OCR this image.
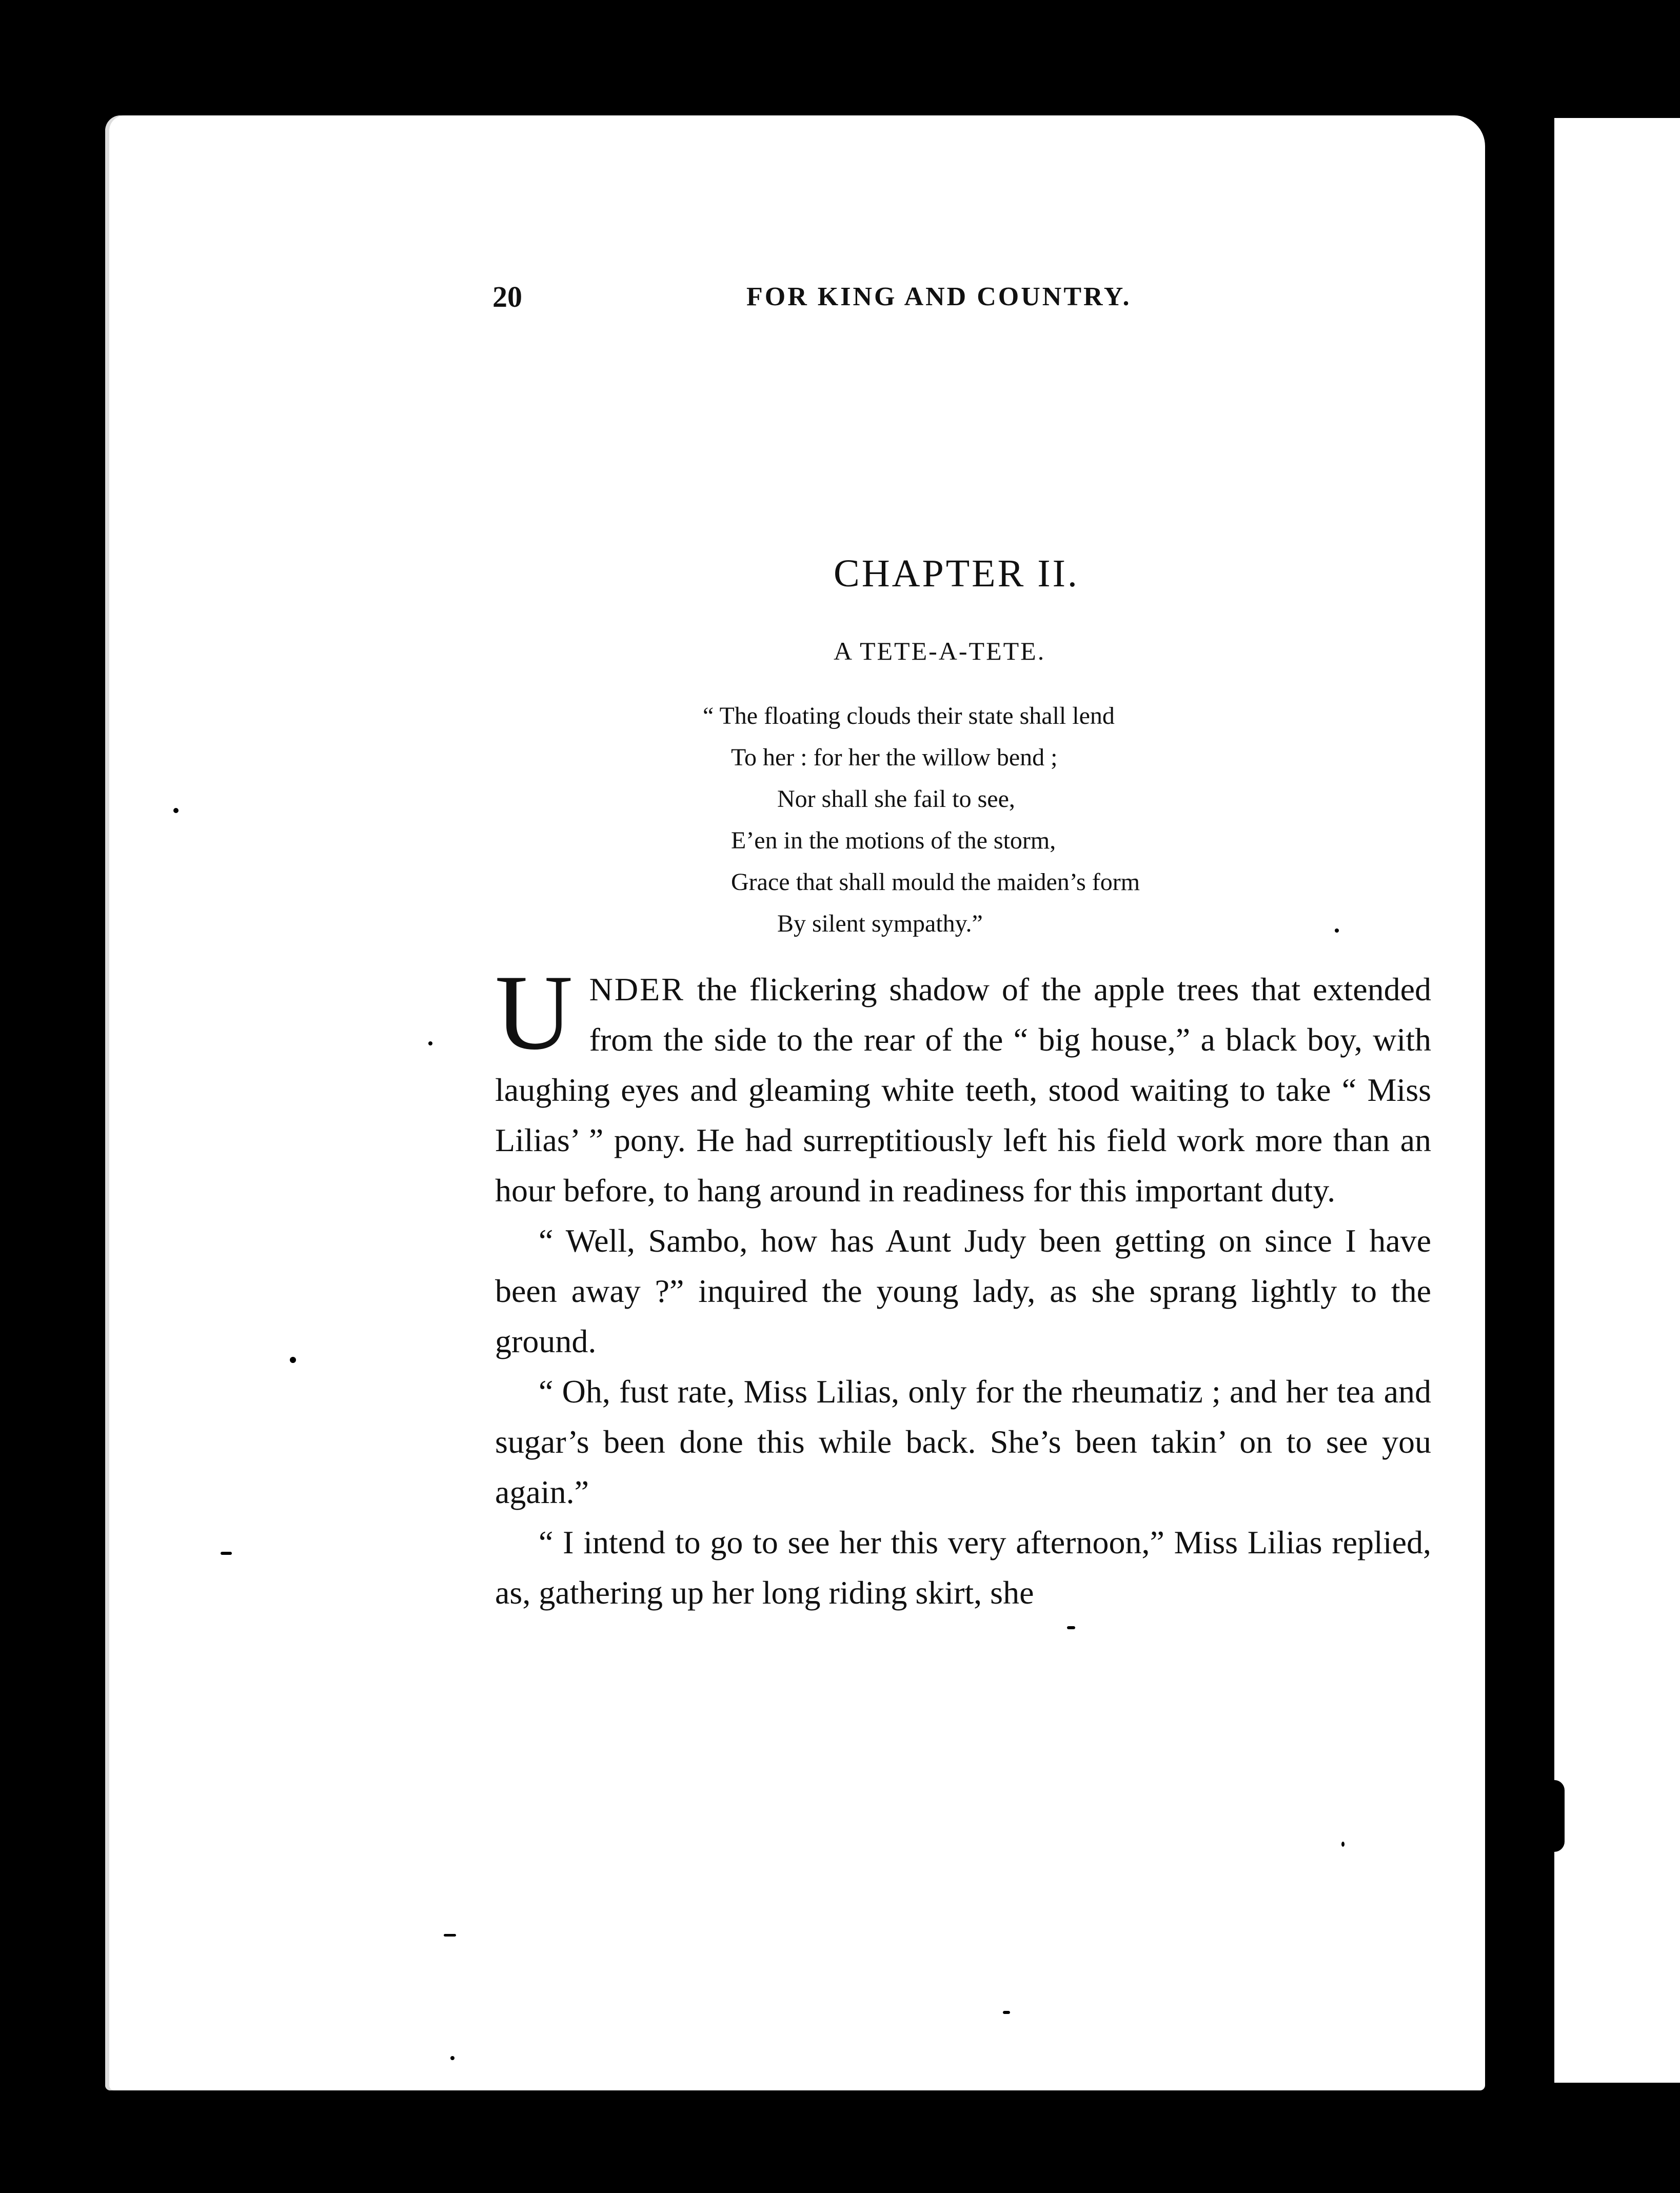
20	FOR KING AND COUNTRY.
CHAPTER II.
A TETE-A-TETE.
“ The floating clouds their state shall lend
To her : for her the willow bend ;
Nor shall she fail to see,
E’en in the motions of the storm,
Grace that shall mould the maiden’s form
By silent sympathy.”

UNDER the flickering shadow of the apple trees that extended from the side to the rear of the “ big house,” a black boy, with laughing eyes and gleaming white teeth, stood waiting to take “ Miss Lilias’ ” pony. He had surreptitiously left his field work more than an hour before, to hang around in readiness for this important duty.

“ Well, Sambo, how has Aunt Judy been getting on since I have been away ?” inquired the young lady, as she sprang lightly to the ground.

“ Oh, fust rate, Miss Lilias, only for the rheumatiz ; and her tea and sugar’s been done this while back. She’s been takin’ on to see you again.”

“ I intend to go to see her this very afternoon,” Miss Lilias replied, as, gathering up her long riding skirt, she
